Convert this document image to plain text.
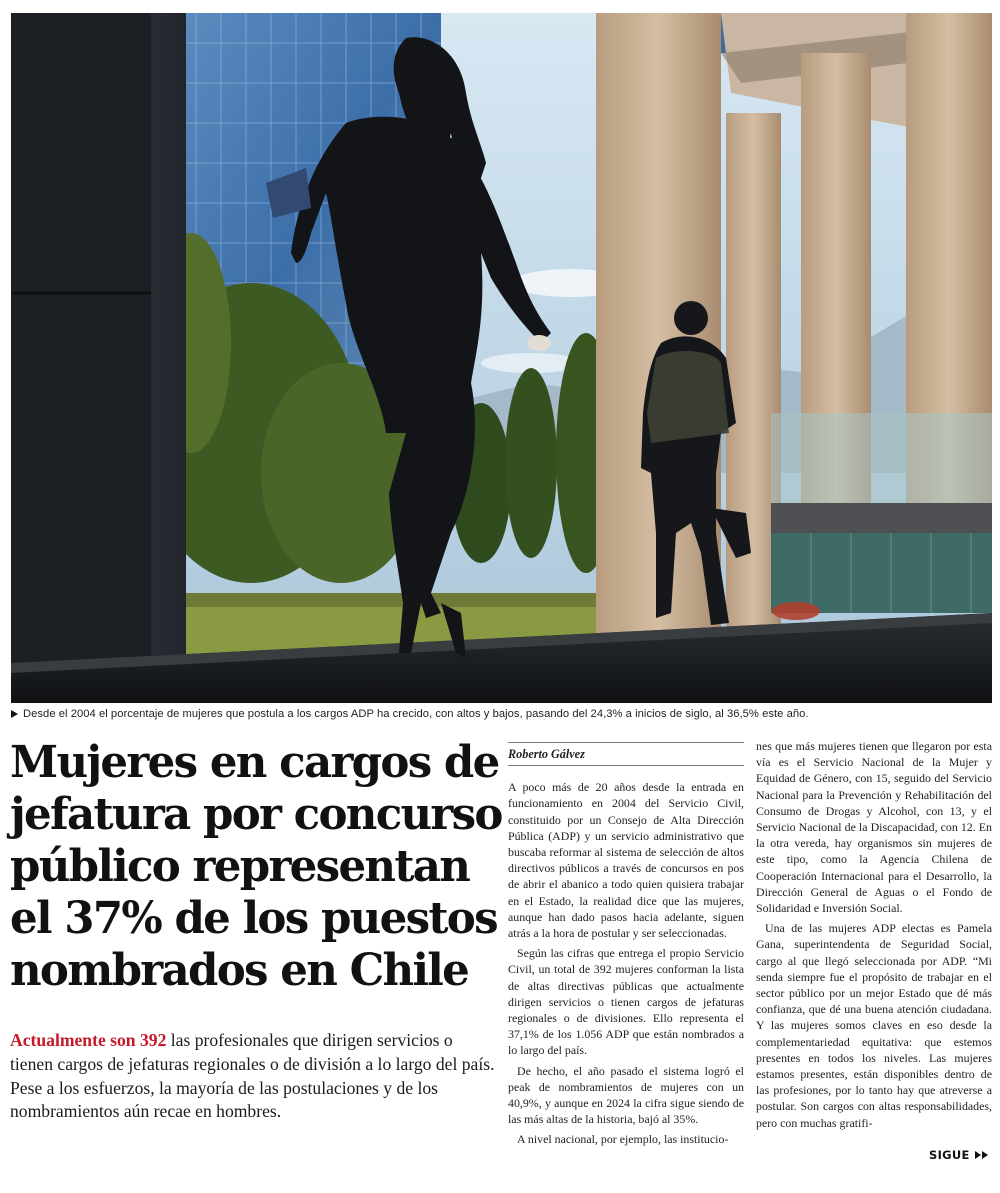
Desde el 2004 el porcentaje de mujeres que postula a los cargos ADP ha crecido, con altos y bajos, pasando del 24,3% a inicios de siglo, al 36,5% este año.
Mujeres en cargos de
jefatura por concurso
público representan
el 37% de los puestos
nombrados en Chile

Actualmente son 392 las profesionales que dirigen servicios o tienen cargos de jefaturas regionales o de división a lo largo del país. Pese a los esfuerzos, la mayoría de las postulaciones y de los nombramientos aún recae en hombres.

Roberto Gálvez

A poco más de 20 años desde la entrada en funcionamiento en 2004 del Servicio Civil, constituido por un Consejo de Alta Dirección Pública (ADP) y un servicio administrativo que buscaba reformar al sistema de selección de altos directivos públicos a través de concursos en pos de abrir el abanico a todo quien quisiera trabajar en el Estado, la realidad dice que las mujeres, aunque han dado pasos hacia adelante, siguen atrás a la hora de postular y ser seleccionadas.

Según las cifras que entrega el propio Servicio Civil, un total de 392 mujeres conforman la lista de altas directivas públicas que actualmente dirigen servicios o tienen cargos de jefaturas regionales o de divisiones. Ello representa el 37,1% de los 1.056 ADP que están nombrados a lo largo del país.

De hecho, el año pasado el sistema logró el peak de nombramientos de mujeres con un 40,9%, y aunque en 2024 la cifra sigue siendo de las más altas de la historia, bajó al 35%.

A nivel nacional, por ejemplo, las institucio-

nes que más mujeres tienen que llegaron por esta vía es el Servicio Nacional de la Mujer y Equidad de Género, con 15, seguido del Servicio Nacional para la Prevención y Rehabilitación del Consumo de Drogas y Alcohol, con 13, y el Servicio Nacional de la Discapacidad, con 12. En la otra vereda, hay organismos sin mujeres de este tipo, como la Agencia Chilena de Cooperación Internacional para el Desarrollo, la Dirección General de Aguas o el Fondo de Solidaridad e Inversión Social.

Una de las mujeres ADP electas es Pamela Gana, superintendenta de Seguridad Social, cargo al que llegó seleccionada por ADP. “Mi senda siempre fue el propósito de trabajar en el sector público por un mejor Estado que dé más confianza, que dé una buena atención ciudadana. Y las mujeres somos claves en eso desde la complementariedad equitativa: que estemos presentes en todos los niveles. Las mujeres estamos presentes, están disponibles dentro de las profesiones, por lo tanto hay que atreverse a postular. Son cargos con altas responsabilidades, pero con muchas gratifi-

SIGUE
